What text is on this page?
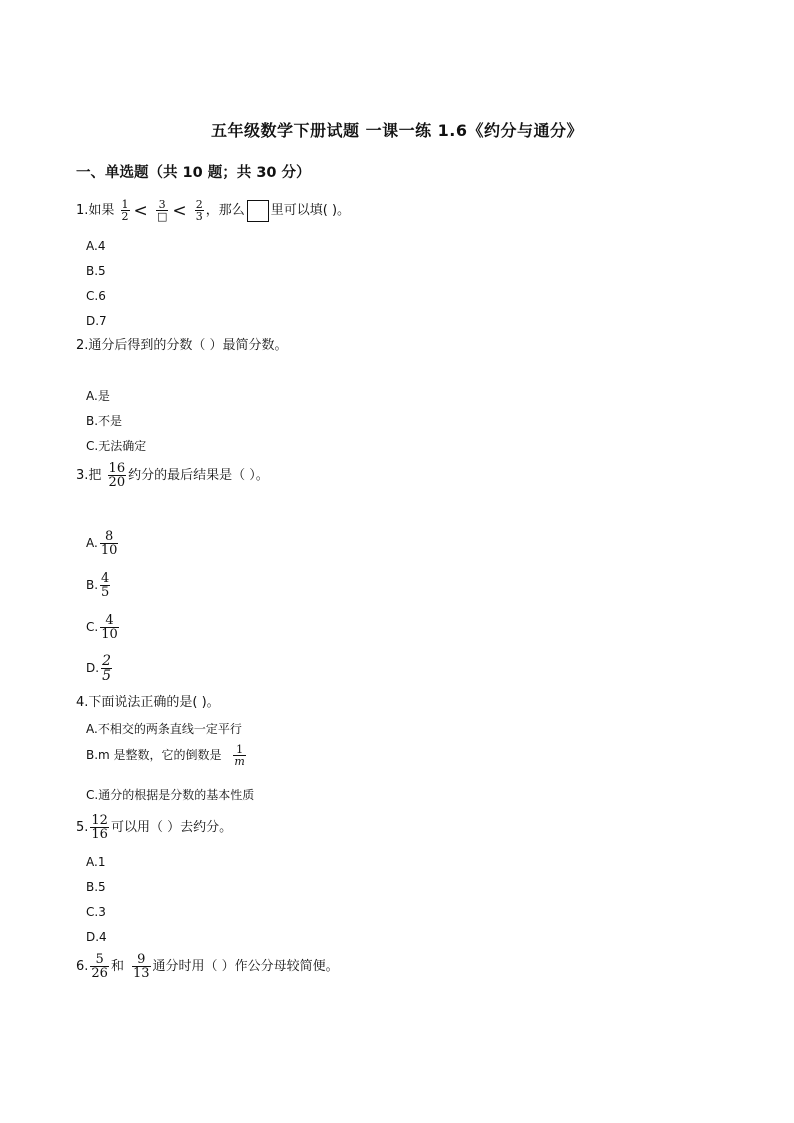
五年级数学下册试题 一课一练 1.6《约分与通分》
一、单选题（共 10 题；共 30 分）
1.如果 $\frac{1}{2} < \frac{3}{□} < \frac{2}{3}$ ，那么 里可以填( )。
A.4
B.5
C.6
D.7
2.通分后得到的分数（ ）最简分数。
A.是
B.不是
C.无法确定
3.把 $\frac{16}{20}$ 约分的最后结果是（ ）。
A. $\frac{8}{10}$
B. $\frac{4}{5}$
C. $\frac{4}{10}$
D. $\frac{2}{5}$
4.下面说法正确的是( )。
A.不相交的两条直线一定平行
B.m 是整数，它的倒数是 $\frac{1}{m}$
C.通分的根据是分数的基本性质
5. $\frac{12}{16}$ 可以用（ ）去约分。
A.1
B.5
C.3
D.4
6. $\frac{5}{26}$ 和 $\frac{9}{13}$ 通分时用（ ）作公分母较简便。
